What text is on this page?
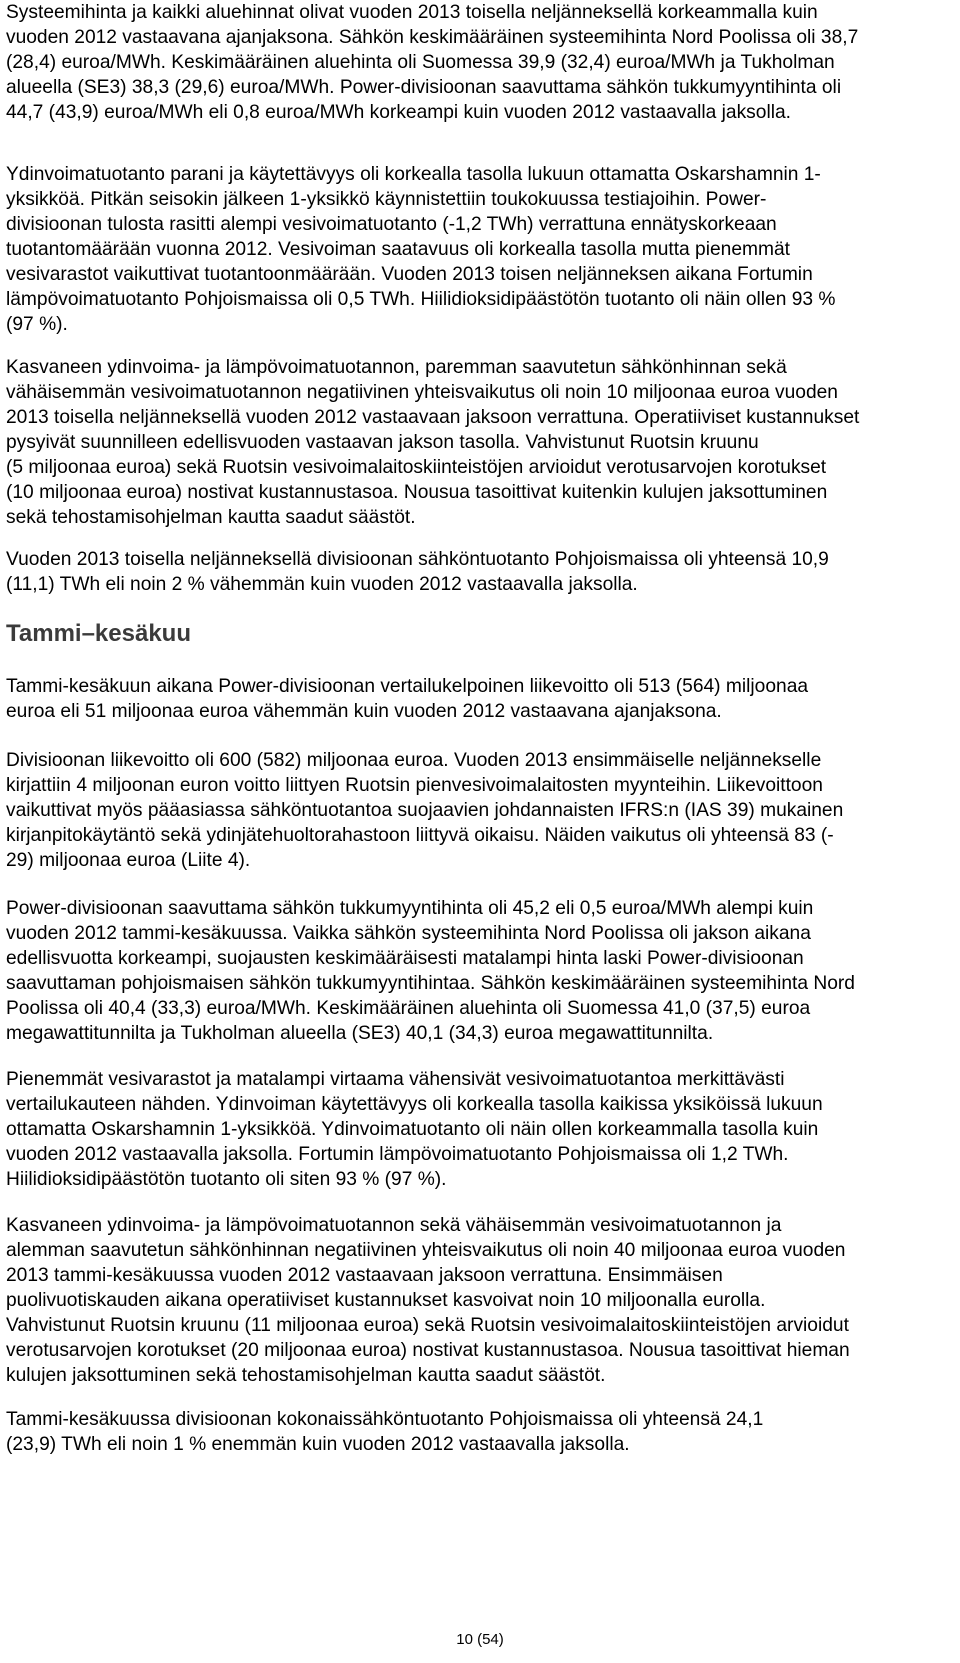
Systeemihinta ja kaikki aluehinnat olivat vuoden 2013 toisella neljänneksellä korkeammalla kuin
vuoden 2012 vastaavana ajanjaksona. Sähkön keskimääräinen systeemihinta Nord Poolissa oli 38,7
(28,4) euroa/MWh. Keskimääräinen aluehinta oli Suomessa 39,9 (32,4) euroa/MWh ja Tukholman
alueella (SE3) 38,3 (29,6) euroa/MWh. Power-divisioonan saavuttama sähkön tukkumyyntihinta oli
44,7 (43,9) euroa/MWh eli 0,8 euroa/MWh korkeampi kuin vuoden 2012 vastaavalla jaksolla.

Ydinvoimatuotanto parani ja käytettävyys oli korkealla tasolla lukuun ottamatta Oskarshamnin 1-
yksikköä. Pitkän seisokin jälkeen 1-yksikkö käynnistettiin toukokuussa testiajoihin. Power-
divisioonan tulosta rasitti alempi vesivoimatuotanto (-1,2 TWh) verrattuna ennätyskorkeaan
tuotantomäärään vuonna 2012. Vesivoiman saatavuus oli korkealla tasolla mutta pienemmät
vesivarastot vaikuttivat tuotantoonmäärään. Vuoden 2013 toisen neljänneksen aikana Fortumin
lämpövoimatuotanto Pohjoismaissa oli 0,5 TWh. Hiilidioksidipäästötön tuotanto oli näin ollen 93 %
(97 %).

Kasvaneen ydinvoima- ja lämpövoimatuotannon, paremman saavutetun sähkönhinnan sekä
vähäisemmän vesivoimatuotannon negatiivinen yhteisvaikutus oli noin 10 miljoonaa euroa vuoden
2013 toisella neljänneksellä vuoden 2012 vastaavaan jaksoon verrattuna. Operatiiviset kustannukset
pysyivät suunnilleen edellisvuoden vastaavan jakson tasolla. Vahvistunut Ruotsin kruunu
(5 miljoonaa euroa) sekä Ruotsin vesivoimalaitoskiinteistöjen arvioidut verotusarvojen korotukset
(10 miljoonaa euroa) nostivat kustannustasoa. Nousua tasoittivat kuitenkin kulujen jaksottuminen
sekä tehostamisohjelman kautta saadut säästöt.

Vuoden 2013 toisella neljänneksellä divisioonan sähköntuotanto Pohjoismaissa oli yhteensä 10,9
(11,1) TWh eli noin 2 % vähemmän kuin vuoden 2012 vastaavalla jaksolla.

Tammi–kesäkuu

Tammi-kesäkuun aikana Power-divisioonan vertailukelpoinen liikevoitto oli 513 (564) miljoonaa
euroa eli 51 miljoonaa euroa vähemmän kuin vuoden 2012 vastaavana ajanjaksona.

Divisioonan liikevoitto oli 600 (582) miljoonaa euroa. Vuoden 2013 ensimmäiselle neljännekselle
kirjattiin 4 miljoonan euron voitto liittyen Ruotsin pienvesivoimalaitosten myynteihin. Liikevoittoon
vaikuttivat myös pääasiassa sähköntuotantoa suojaavien johdannaisten IFRS:n (IAS 39) mukainen
kirjanpitokäytäntö sekä ydinjätehuoltorahastoon liittyvä oikaisu. Näiden vaikutus oli yhteensä 83 (-
29) miljoonaa euroa (Liite 4).

Power-divisioonan saavuttama sähkön tukkumyyntihinta oli 45,2 eli 0,5 euroa/MWh alempi kuin
vuoden 2012 tammi-kesäkuussa. Vaikka sähkön systeemihinta Nord Poolissa oli jakson aikana
edellisvuotta korkeampi, suojausten keskimääräisesti matalampi hinta laski Power-divisioonan
saavuttaman pohjoismaisen sähkön tukkumyyntihintaa. Sähkön keskimääräinen systeemihinta Nord
Poolissa oli 40,4 (33,3) euroa/MWh. Keskimääräinen aluehinta oli Suomessa 41,0 (37,5) euroa
megawattitunnilta ja Tukholman alueella (SE3) 40,1 (34,3) euroa megawattitunnilta.

Pienemmät vesivarastot ja matalampi virtaama vähensivät vesivoimatuotantoa merkittävästi
vertailukauteen nähden. Ydinvoiman käytettävyys oli korkealla tasolla kaikissa yksiköissä lukuun
ottamatta Oskarshamnin 1-yksikköä. Ydinvoimatuotanto oli näin ollen korkeammalla tasolla kuin
vuoden 2012 vastaavalla jaksolla. Fortumin lämpövoimatuotanto Pohjoismaissa oli 1,2 TWh.
Hiilidioksidipäästötön tuotanto oli siten 93 % (97 %).

Kasvaneen ydinvoima- ja lämpövoimatuotannon sekä vähäisemmän vesivoimatuotannon ja
alemman saavutetun sähkönhinnan negatiivinen yhteisvaikutus oli noin 40 miljoonaa euroa vuoden
2013 tammi-kesäkuussa vuoden 2012 vastaavaan jaksoon verrattuna. Ensimmäisen
puolivuotiskauden aikana operatiiviset kustannukset kasvoivat noin 10 miljoonalla eurolla.
Vahvistunut Ruotsin kruunu (11 miljoonaa euroa) sekä Ruotsin vesivoimalaitoskiinteistöjen arvioidut
verotusarvojen korotukset (20 miljoonaa euroa) nostivat kustannustasoa. Nousua tasoittivat hieman
kulujen jaksottuminen sekä tehostamisohjelman kautta saadut säästöt.

Tammi-kesäkuussa divisioonan kokonaissähköntuotanto Pohjoismaissa oli yhteensä 24,1
(23,9) TWh eli noin 1 % enemmän kuin vuoden 2012 vastaavalla jaksolla.

10 (54)
